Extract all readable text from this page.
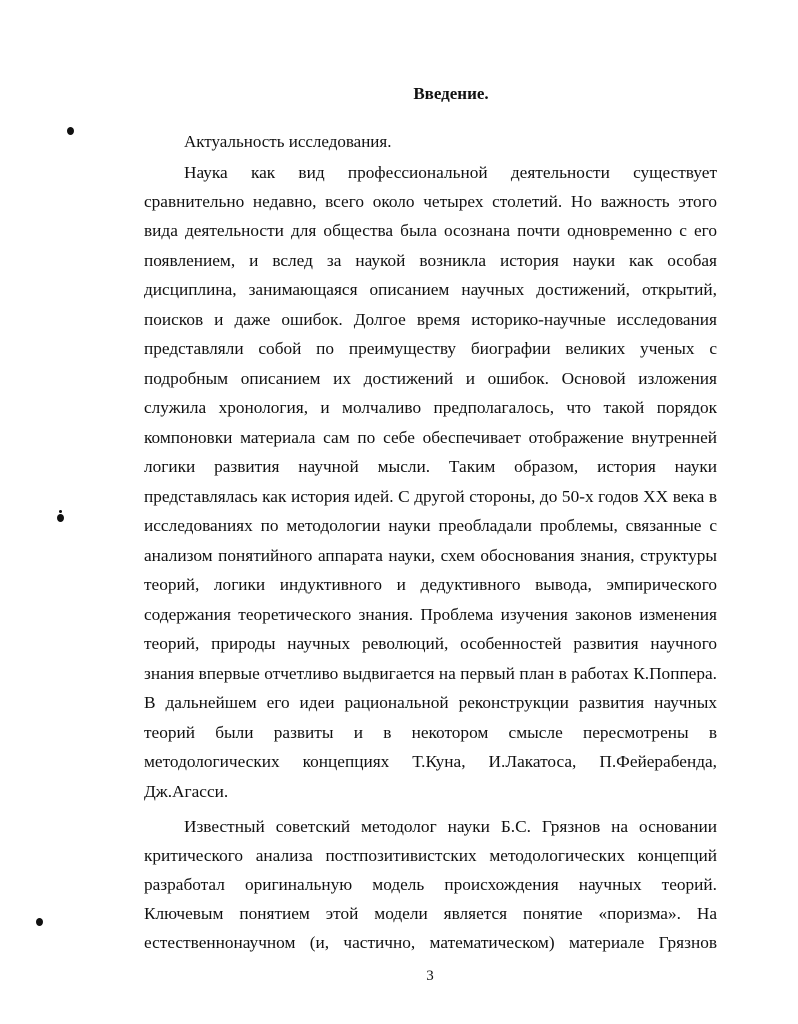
Введение.
Актуальность исследования.
Наука как вид профессиональной деятельности существует
сравнительно недавно, всего около четырех столетий. Но важность этого
вида деятельности для общества была осознана почти одновременно с его
появлением, и вслед за наукой возникла история науки как особая
дисциплина, занимающаяся описанием научных достижений, открытий,
поисков и даже ошибок. Долгое время историко-научные исследования
представляли собой по преимуществу биографии великих ученых с
подробным описанием их достижений и ошибок. Основой изложения
служила хронология, и молчаливо предполагалось, что такой порядок
компоновки материала сам по себе обеспечивает отображение внутренней
логики развития научной мысли. Таким образом, история науки
представлялась как история идей. С другой стороны, до 50-х годов XX века в
исследованиях по методологии науки преобладали проблемы, связанные с
анализом понятийного аппарата науки, схем обоснования знания, структуры
теорий, логики индуктивного и дедуктивного вывода, эмпирического
содержания теоретического знания. Проблема изучения законов изменения
теорий, природы научных революций, особенностей развития научного
знания впервые отчетливо выдвигается на первый план в работах К.Поппера.
В дальнейшем его идеи рациональной реконструкции развития научных
теорий были развиты и в некотором смысле пересмотрены в
методологических концепциях Т.Куна, И.Лакатоса, П.Фейерабенда,
Дж.Агасси.
Известный советский методолог науки Б.С. Грязнов на основании
критического анализа постпозитивистских методологических концепций
разработал оригинальную модель происхождения научных теорий.
Ключевым понятием этой модели является понятие «поризма». На
естественнонаучном (и, частично, математическом) материале Грязнов
3
